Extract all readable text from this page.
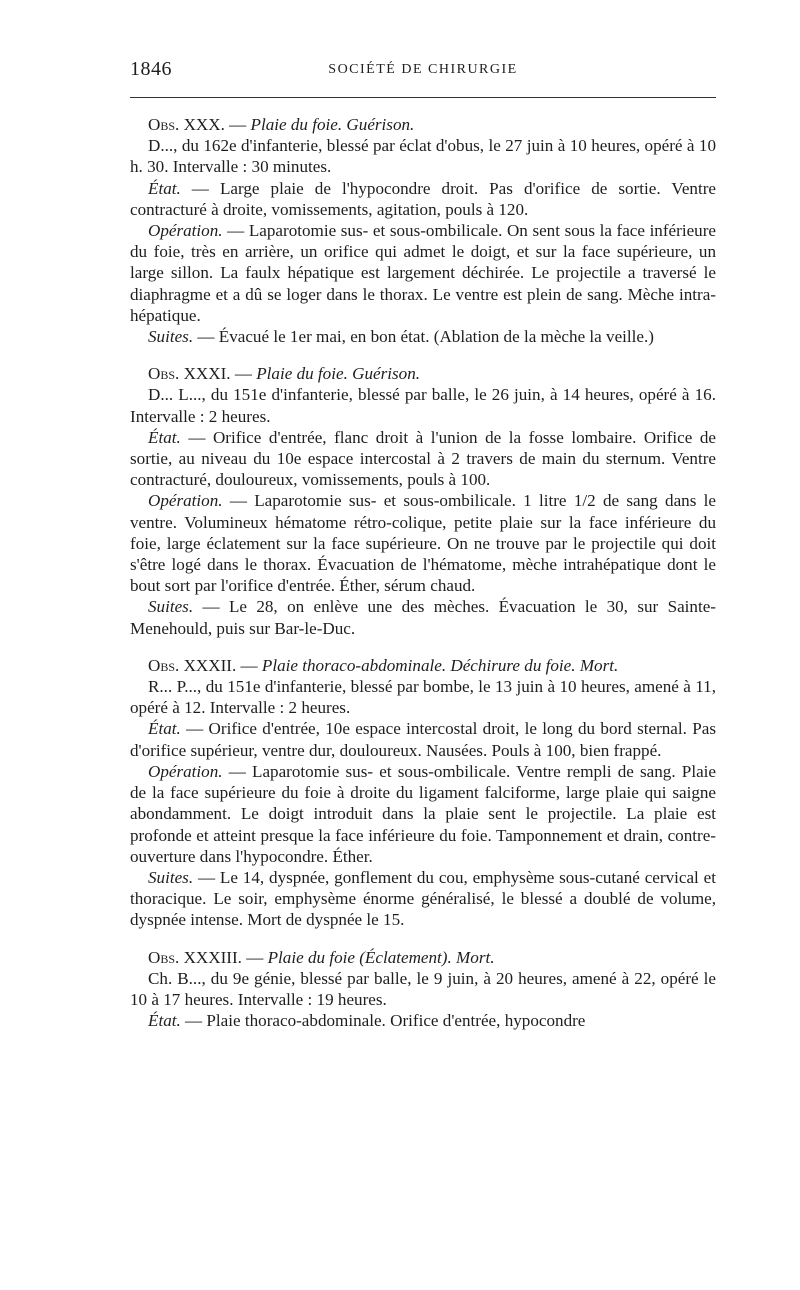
1846	SOCIÉTÉ DE CHIRURGIE

Obs. XXX. — Plaie du foie. Guérison.

D..., du 162e d'infanterie, blessé par éclat d'obus, le 27 juin à 10 heures, opéré à 10 h. 30. Intervalle : 30 minutes.

État. — Large plaie de l'hypocondre droit. Pas d'orifice de sortie. Ventre contracturé à droite, vomissements, agitation, pouls à 120.

Opération. — Laparotomie sus- et sous-ombilicale. On sent sous la face inférieure du foie, très en arrière, un orifice qui admet le doigt, et sur la face supérieure, un large sillon. La faulx hépatique est largement déchirée. Le projectile a traversé le diaphragme et a dû se loger dans le thorax. Le ventre est plein de sang. Mèche intra-hépatique.

Suites. — Évacué le 1er mai, en bon état. (Ablation de la mèche la veille.)

Obs. XXXI. — Plaie du foie. Guérison.

D... L..., du 151e d'infanterie, blessé par balle, le 26 juin, à 14 heures, opéré à 16. Intervalle : 2 heures.

État. — Orifice d'entrée, flanc droit à l'union de la fosse lombaire. Orifice de sortie, au niveau du 10e espace intercostal à 2 travers de main du sternum. Ventre contracturé, douloureux, vomissements, pouls à 100.

Opération. — Laparotomie sus- et sous-ombilicale. 1 litre 1/2 de sang dans le ventre. Volumineux hématome rétro-colique, petite plaie sur la face inférieure du foie, large éclatement sur la face supérieure. On ne trouve par le projectile qui doit s'être logé dans le thorax. Évacuation de l'hématome, mèche intrahépatique dont le bout sort par l'orifice d'entrée. Éther, sérum chaud.

Suites. — Le 28, on enlève une des mèches. Évacuation le 30, sur Sainte-Menehould, puis sur Bar-le-Duc.

Obs. XXXII. — Plaie thoraco-abdominale. Déchirure du foie. Mort.

R... P..., du 151e d'infanterie, blessé par bombe, le 13 juin à 10 heures, amené à 11, opéré à 12. Intervalle : 2 heures.

État. — Orifice d'entrée, 10e espace intercostal droit, le long du bord sternal. Pas d'orifice supérieur, ventre dur, douloureux. Nausées. Pouls à 100, bien frappé.

Opération. — Laparotomie sus- et sous-ombilicale. Ventre rempli de sang. Plaie de la face supérieure du foie à droite du ligament falciforme, large plaie qui saigne abondamment. Le doigt introduit dans la plaie sent le projectile. La plaie est profonde et atteint presque la face inférieure du foie. Tamponnement et drain, contre-ouverture dans l'hypocondre. Éther.

Suites. — Le 14, dyspnée, gonflement du cou, emphysème sous-cutané cervical et thoracique. Le soir, emphysème énorme généralisé, le blessé a doublé de volume, dyspnée intense. Mort de dyspnée le 15.

Obs. XXXIII. — Plaie du foie (Éclatement). Mort.

Ch. B..., du 9e génie, blessé par balle, le 9 juin, à 20 heures, amené à 22, opéré le 10 à 17 heures. Intervalle : 19 heures.

État. — Plaie thoraco-abdominale. Orifice d'entrée, hypocondre
